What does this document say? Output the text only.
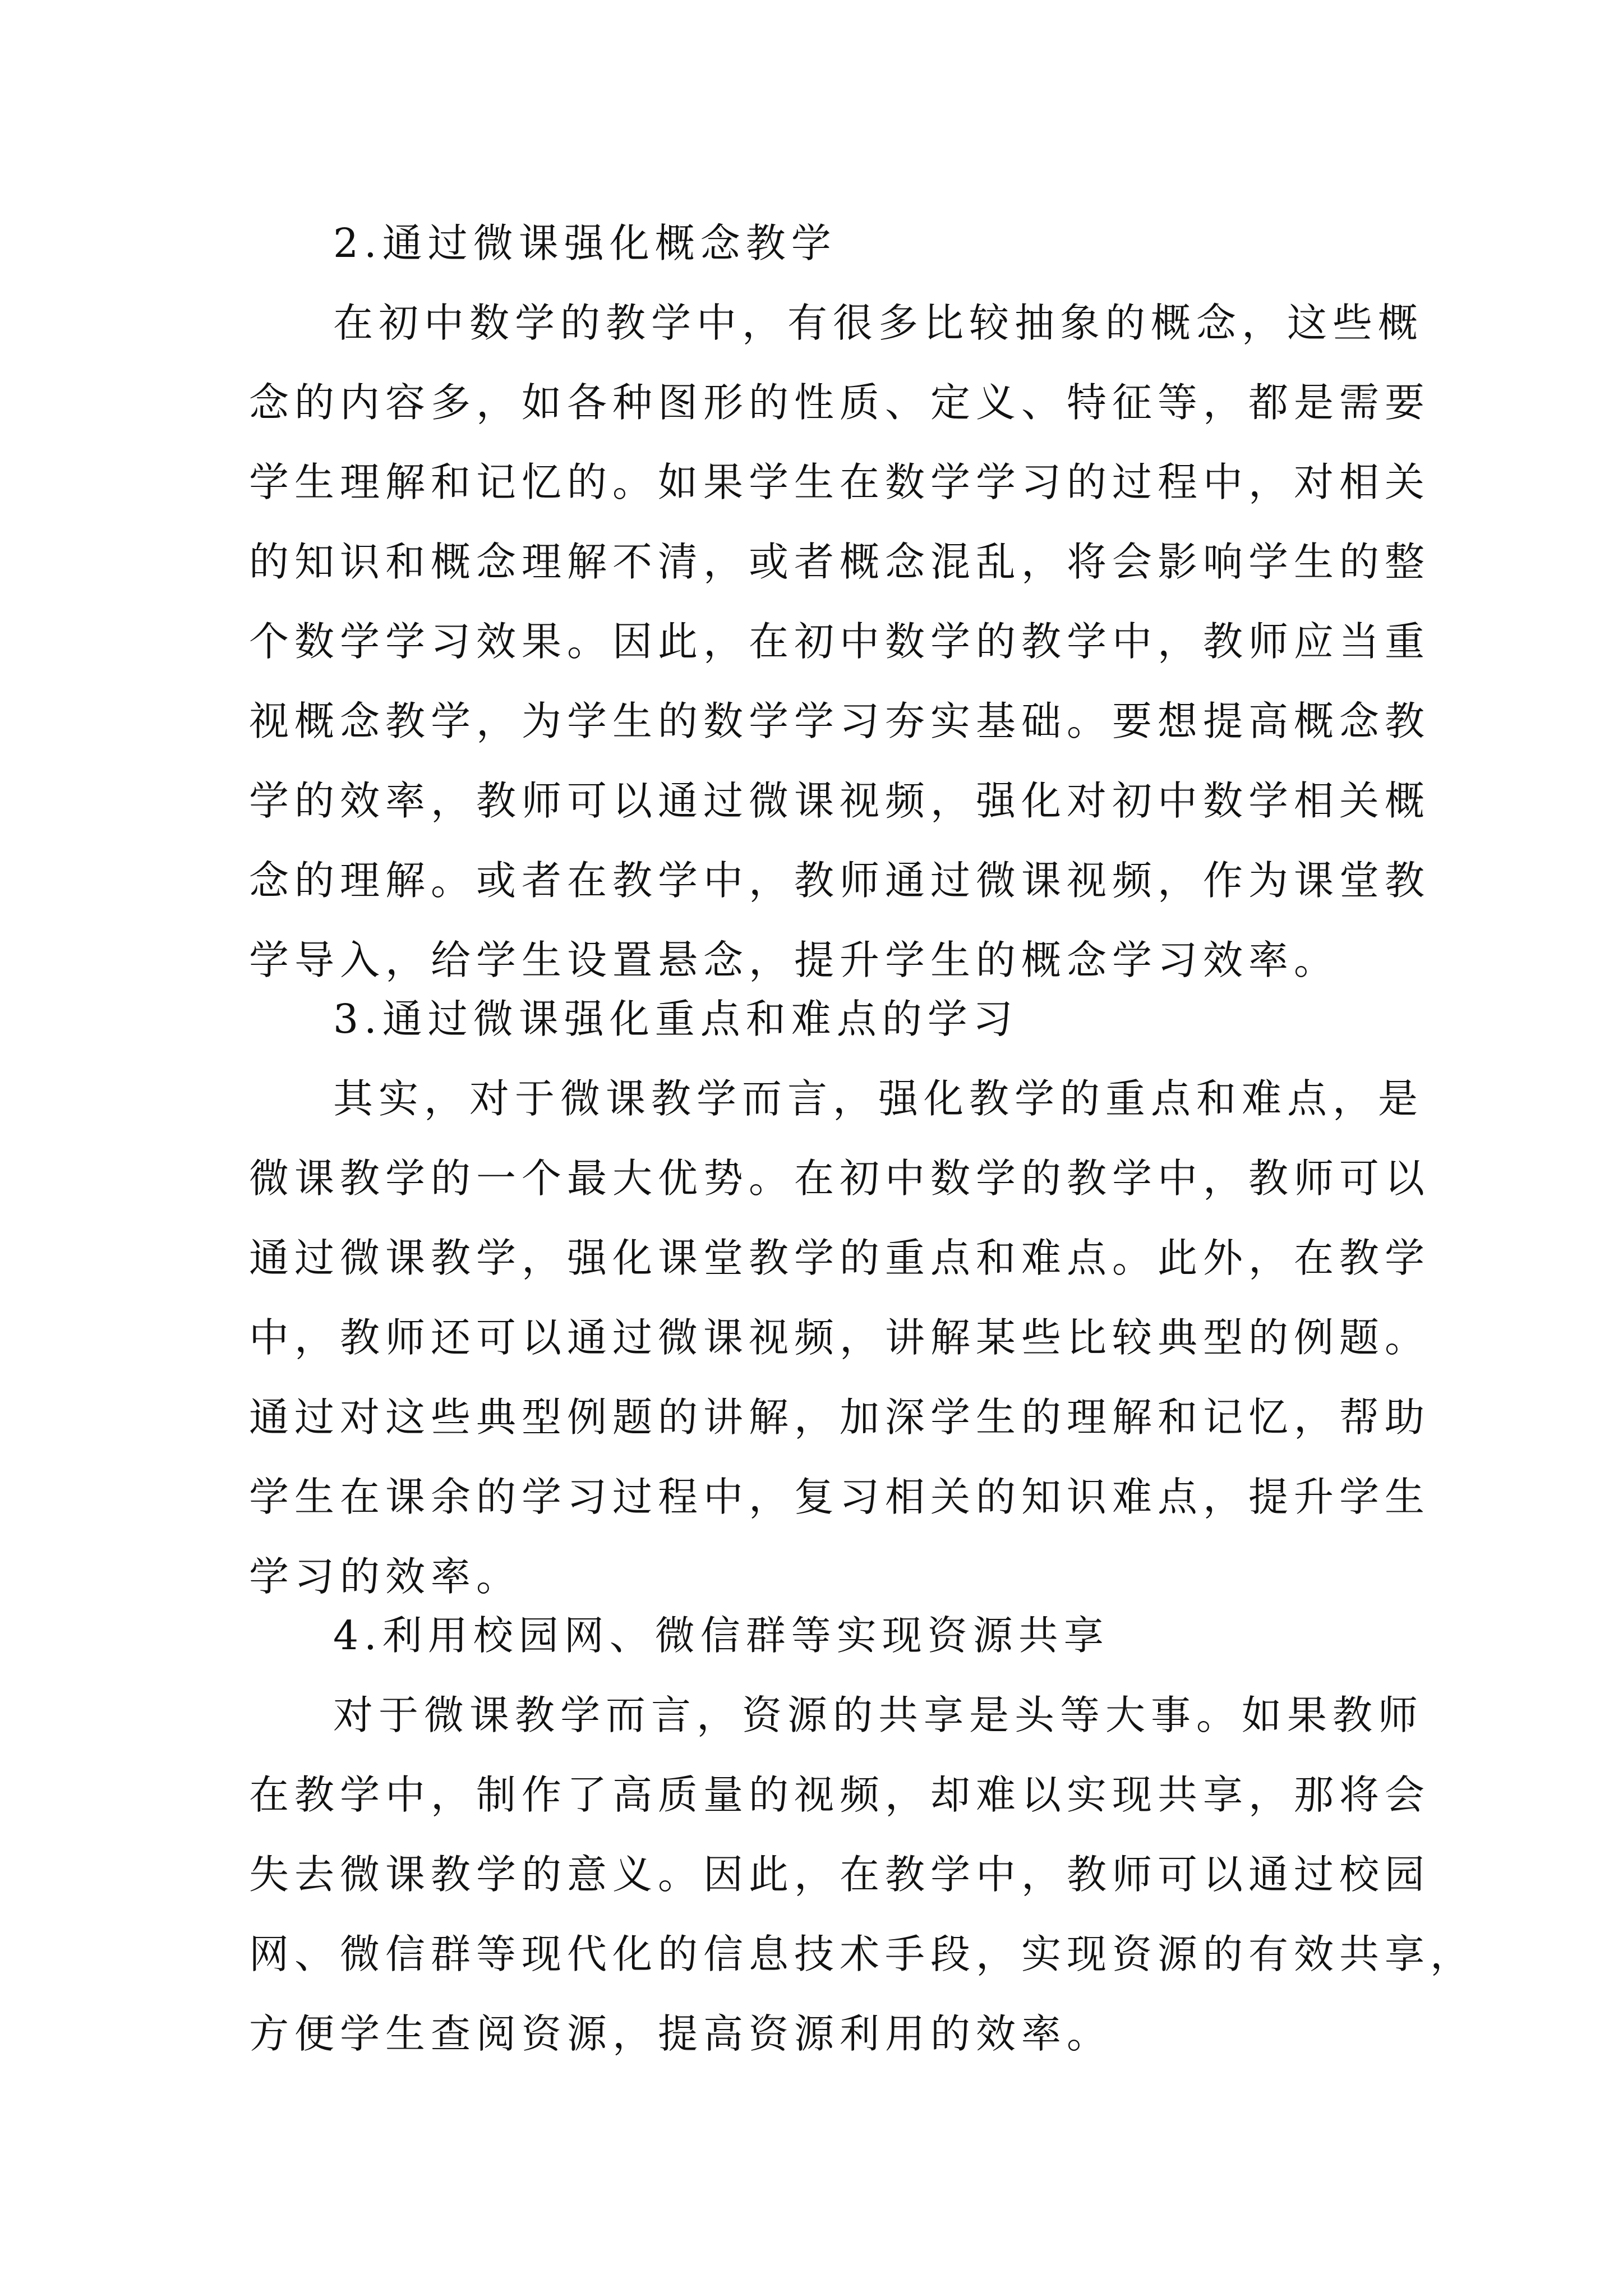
2.通过微课强化概念教学
在初中数学的教学中，有很多比较抽象的概念，这些概
念的内容多，如各种图形的性质、定义、特征等，都是需要
学生理解和记忆的。如果学生在数学学习的过程中，对相关
的知识和概念理解不清，或者概念混乱，将会影响学生的整
个数学学习效果。因此，在初中数学的教学中，教师应当重
视概念教学，为学生的数学学习夯实基础。要想提高概念教
学的效率，教师可以通过微课视频，强化对初中数学相关概
念的理解。或者在教学中，教师通过微课视频，作为课堂教
学导入，给学生设置悬念，提升学生的概念学习效率。
3.通过微课强化重点和难点的学习
其实，对于微课教学而言，强化教学的重点和难点，是
微课教学的一个最大优势。在初中数学的教学中，教师可以
通过微课教学，强化课堂教学的重点和难点。此外，在教学
中，教师还可以通过微课视频，讲解某些比较典型的例题。
通过对这些典型例题的讲解，加深学生的理解和记忆，帮助
学生在课余的学习过程中，复习相关的知识难点，提升学生
学习的效率。
4.利用校园网、微信群等实现资源共享
对于微课教学而言，资源的共享是头等大事。如果教师
在教学中，制作了高质量的视频，却难以实现共享，那将会
失去微课教学的意义。因此，在教学中，教师可以通过校园
网、微信群等现代化的信息技术手段，实现资源的有效共享，
方便学生查阅资源，提高资源利用的效率。
